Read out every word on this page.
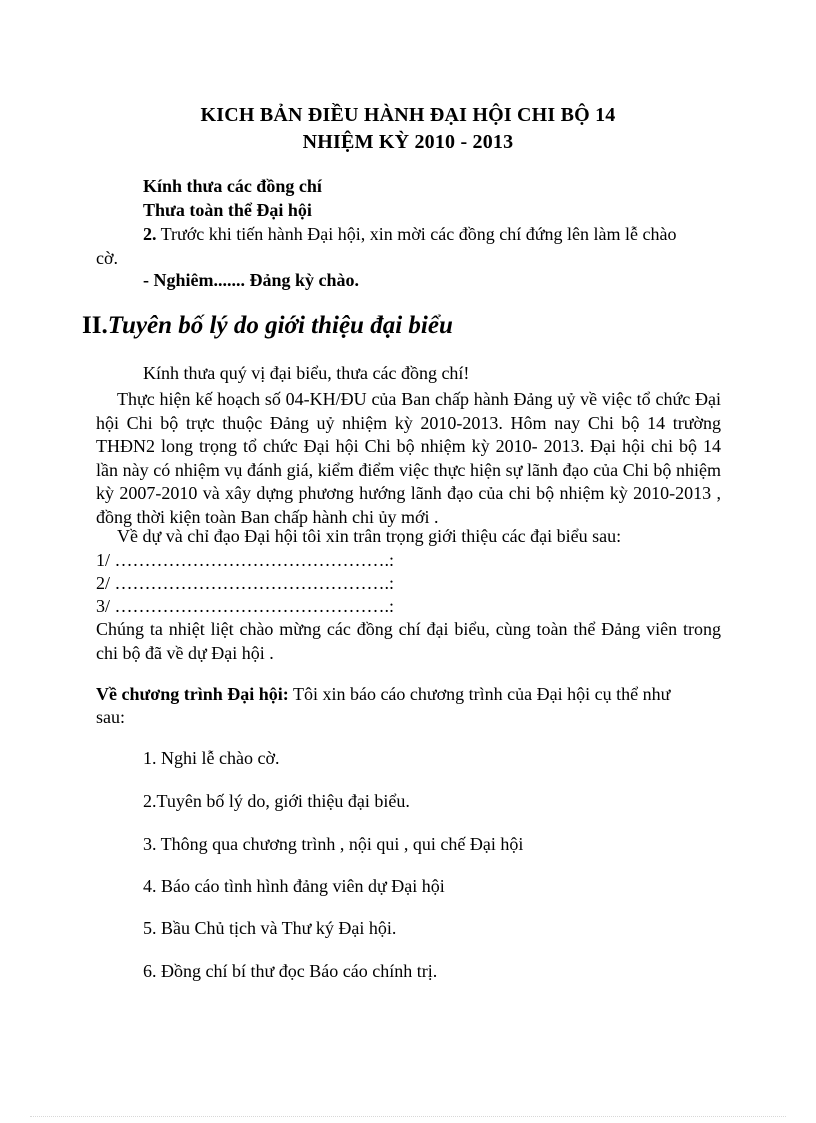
KICH BẢN ĐIỀU HÀNH ĐẠI HỘI CHI BỘ 14
NHIỆM KỲ 2010 - 2013
Kính thưa các đồng chí
Thưa toàn thể Đại hội
2. Trước khi tiến hành Đại hội, xin mời các đồng chí đứng lên làm lễ chào
cờ.
- Nghiêm....... Đảng kỳ chào.
II.Tuyên bố lý do giới thiệu đại biểu
Kính thưa quý vị đại biểu, thưa các đồng chí!
Thực hiện kế hoạch số 04-KH/ĐU của Ban chấp hành Đảng uỷ về việc tổ chức Đại hội Chi bộ trực thuộc Đảng uỷ nhiệm kỳ 2010-2013. Hôm nay Chi bộ 14 trường THĐN2 long trọng tổ chức Đại hội Chi bộ nhiệm kỳ 2010- 2013. Đại hội chi bộ 14 lần này có nhiệm vụ đánh giá, kiểm điểm việc thực hiện sự lãnh đạo của Chi bộ nhiệm kỳ 2007-2010 và xây dựng phương hướng lãnh đạo của chi bộ nhiệm kỳ 2010-2013 , đồng thời kiện toàn Ban chấp hành chi ủy mới .
Về dự và chỉ đạo Đại hội tôi xin trân trọng giới thiệu các đại biểu sau:
1/ ……………………………………….:
2/ ……………………………………….:
3/ ……………………………………….:
Chúng ta nhiệt liệt chào mừng các đồng chí đại biểu, cùng toàn thể Đảng viên trong chi bộ đã về dự Đại hội .
Về chương trình Đại hội: Tôi xin báo cáo chương trình của Đại hội cụ thể như
sau:
1. Nghi lễ chào cờ.
2.Tuyên bố lý do, giới thiệu đại biểu.
3. Thông qua chương trình , nội qui , qui chế Đại hội
4. Báo cáo tình hình đảng viên dự Đại hội
5. Bầu Chủ tịch và Thư ký Đại hội.
6. Đồng chí bí thư đọc Báo cáo chính trị.
